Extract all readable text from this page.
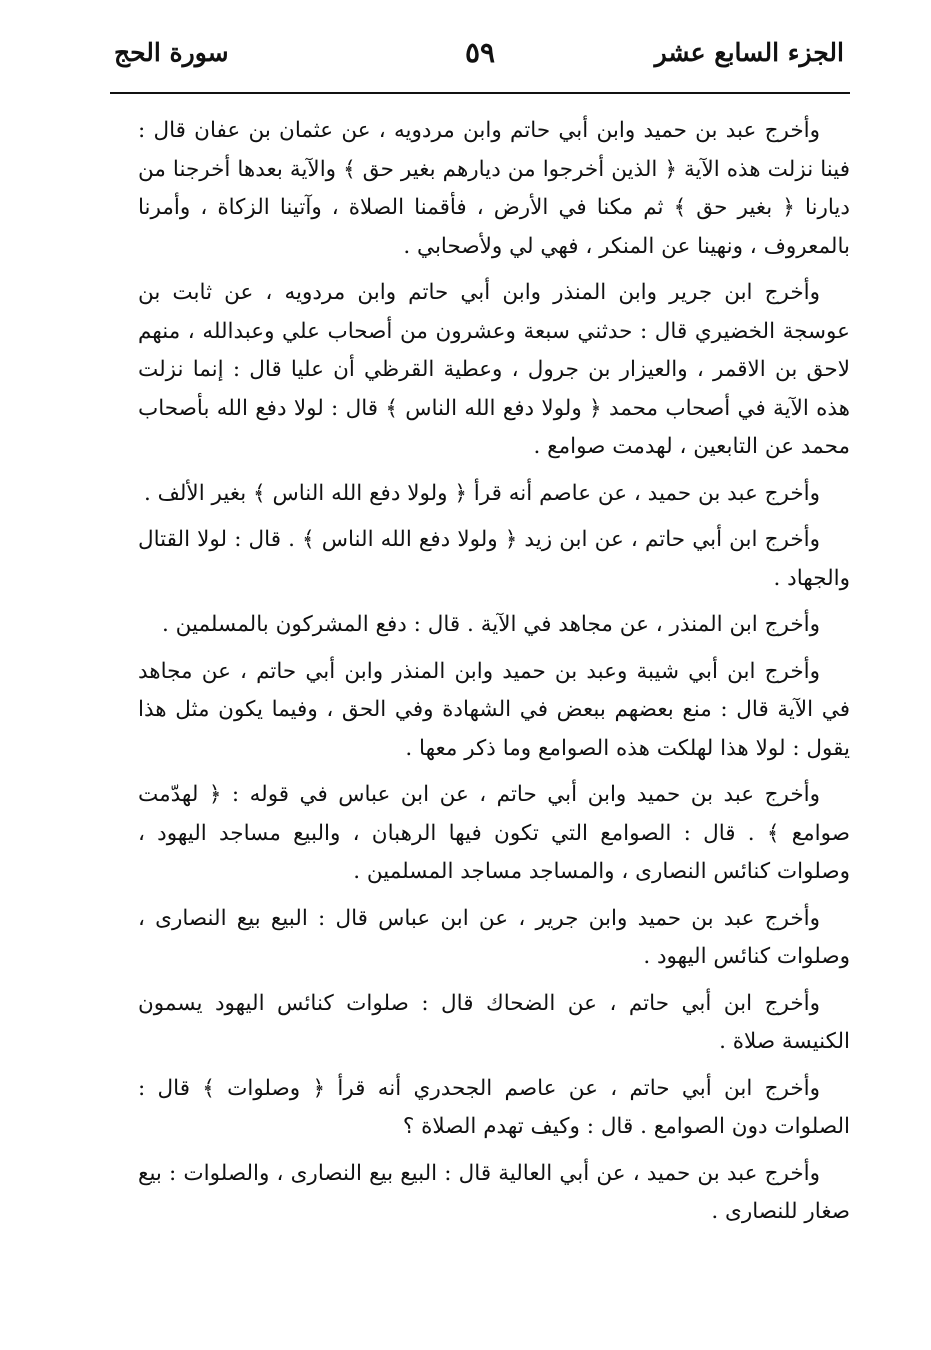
الجزء السابع عشر
٥٩
سورة الحج

وأخرج عبد بن حميد وابن أبي حاتم وابن مردويه ، عن عثمان بن عفان قال : فينا نزلت هذه الآية ﴿ الذين أخرجوا من ديارهم بغير حق ﴾ والآية بعدها أخرجنا من ديارنا ﴿ بغير حق ﴾ ثم مكنا في الأرض ، فأقمنا الصلاة ، وآتينا الزكاة ، وأمرنا بالمعروف ، ونهينا عن المنكر ، فهي لي ولأصحابي .

وأخرج ابن جرير وابن المنذر وابن أبي حاتم وابن مردويه ، عن ثابت بن عوسجة الخضيري قال : حدثني سبعة وعشرون من أصحاب علي وعبدالله ، منهم لاحق بن الاقمر ، والعيزار بن جرول ، وعطية القرظي أن عليا قال : إنما نزلت هذه الآية في أصحاب محمد ﴿ ولولا دفع الله الناس ﴾ قال : لولا دفع الله بأصحاب محمد عن التابعين ، لهدمت صوامع .

وأخرج عبد بن حميد ، عن عاصم أنه قرأ ﴿ ولولا دفع الله الناس ﴾ بغير الألف .

وأخرج ابن أبي حاتم ، عن ابن زيد ﴿ ولولا دفع الله الناس ﴾ . قال : لولا القتال والجهاد .

وأخرج ابن المنذر ، عن مجاهد في الآية . قال : دفع المشركون بالمسلمين .

وأخرج ابن أبي شيبة وعبد بن حميد وابن المنذر وابن أبي حاتم ، عن مجاهد في الآية قال : منع بعضهم ببعض في الشهادة وفي الحق ، وفيما يكون مثل هذا يقول : لولا هذا لهلكت هذه الصوامع وما ذكر معها .

وأخرج عبد بن حميد وابن أبي حاتم ، عن ابن عباس في قوله : ﴿ لهدّمت صوامع ﴾ . قال : الصوامع التي تكون فيها الرهبان ، والبيع مساجد اليهود ، وصلوات كنائس النصارى ، والمساجد مساجد المسلمين .

وأخرج عبد بن حميد وابن جرير ، عن ابن عباس قال : البيع بيع النصارى ، وصلوات كنائس اليهود .

وأخرج ابن أبي حاتم ، عن الضحاك قال : صلوات كنائس اليهود يسمون الكنيسة صلاة .

وأخرج ابن أبي حاتم ، عن عاصم الجحدري أنه قرأ ﴿ وصلوات ﴾ قال : الصلوات دون الصوامع . قال : وكيف تهدم الصلاة ؟

وأخرج عبد بن حميد ، عن أبي العالية قال : البيع بيع النصارى ، والصلوات : بيع صغار للنصارى .
